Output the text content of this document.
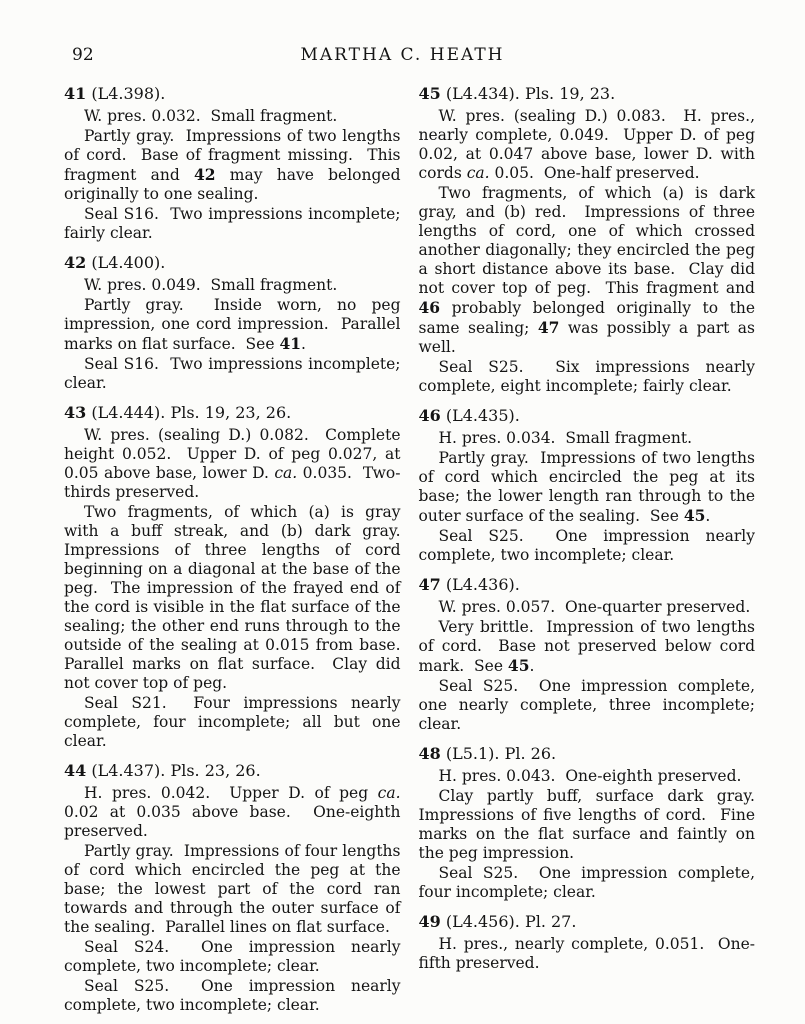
92	MARTHA C. HEATH
41 (L4.398).

W. pres. 0.032.  Small fragment.

Partly gray.  Impressions of two lengths of cord.  Base of fragment missing.  This fragment and 42 may have belonged originally to one sealing.

Seal S16.  Two impressions incomplete; fairly clear.

42 (L4.400).

W. pres. 0.049.  Small fragment.

Partly gray.  Inside worn, no peg impression, one cord impression.  Parallel marks on flat surface.  See 41.

Seal S16.  Two impressions incomplete; clear.

43 (L4.444). Pls. 19, 23, 26.

W. pres. (sealing D.) 0.082.  Complete height 0.052.  Upper D. of peg 0.027, at 0.05 above base, lower D. ca. 0.035.  Two-thirds preserved.

Two fragments, of which (a) is gray with a buff streak, and (b) dark gray.  Impressions of three lengths of cord beginning on a diagonal at the base of the peg.  The impression of the frayed end of the cord is visible in the flat surface of the sealing; the other end runs through to the outside of the sealing at 0.015 from base.  Parallel marks on flat surface.  Clay did not cover top of peg.

Seal S21.  Four impressions nearly complete, four incomplete; all but one clear.

44 (L4.437). Pls. 23, 26.

H. pres. 0.042.  Upper D. of peg ca. 0.02 at 0.035 above base.  One-eighth preserved.

Partly gray.  Impressions of four lengths of cord which encircled the peg at the base; the lowest part of the cord ran towards and through the outer surface of the sealing.  Parallel lines on flat surface.

Seal S24.  One impression nearly complete, two incomplete; clear.

Seal S25.  One impression nearly complete, two incomplete; clear.

45 (L4.434). Pls. 19, 23.

W. pres. (sealing D.) 0.083.  H. pres., nearly complete, 0.049.  Upper D. of peg 0.02, at 0.047 above base, lower D. with cords ca. 0.05.  One-half preserved.

Two fragments, of which (a) is dark gray, and (b) red.  Impressions of three lengths of cord, one of which crossed another diagonally; they encircled the peg a short distance above its base.  Clay did not cover top of peg.  This fragment and 46 probably belonged originally to the same sealing; 47 was possibly a part as well.

Seal S25.  Six impressions nearly complete, eight incomplete; fairly clear.

46 (L4.435).

H. pres. 0.034.  Small fragment.

Partly gray.  Impressions of two lengths of cord which encircled the peg at its base; the lower length ran through to the outer surface of the sealing.  See 45.

Seal S25.  One impression nearly complete, two incomplete; clear.

47 (L4.436).

W. pres. 0.057.  One-quarter preserved.

Very brittle.  Impression of two lengths of cord.  Base not preserved below cord mark.  See 45.

Seal S25.  One impression complete, one nearly complete, three incomplete; clear.

48 (L5.1). Pl. 26.

H. pres. 0.043.  One-eighth preserved.

Clay partly buff, surface dark gray.  Impressions of five lengths of cord.  Fine marks on the flat surface and faintly on the peg impression.

Seal S25.  One impression complete, four incomplete; clear.

49 (L4.456). Pl. 27.

H. pres., nearly complete, 0.051.  One-fifth preserved.
